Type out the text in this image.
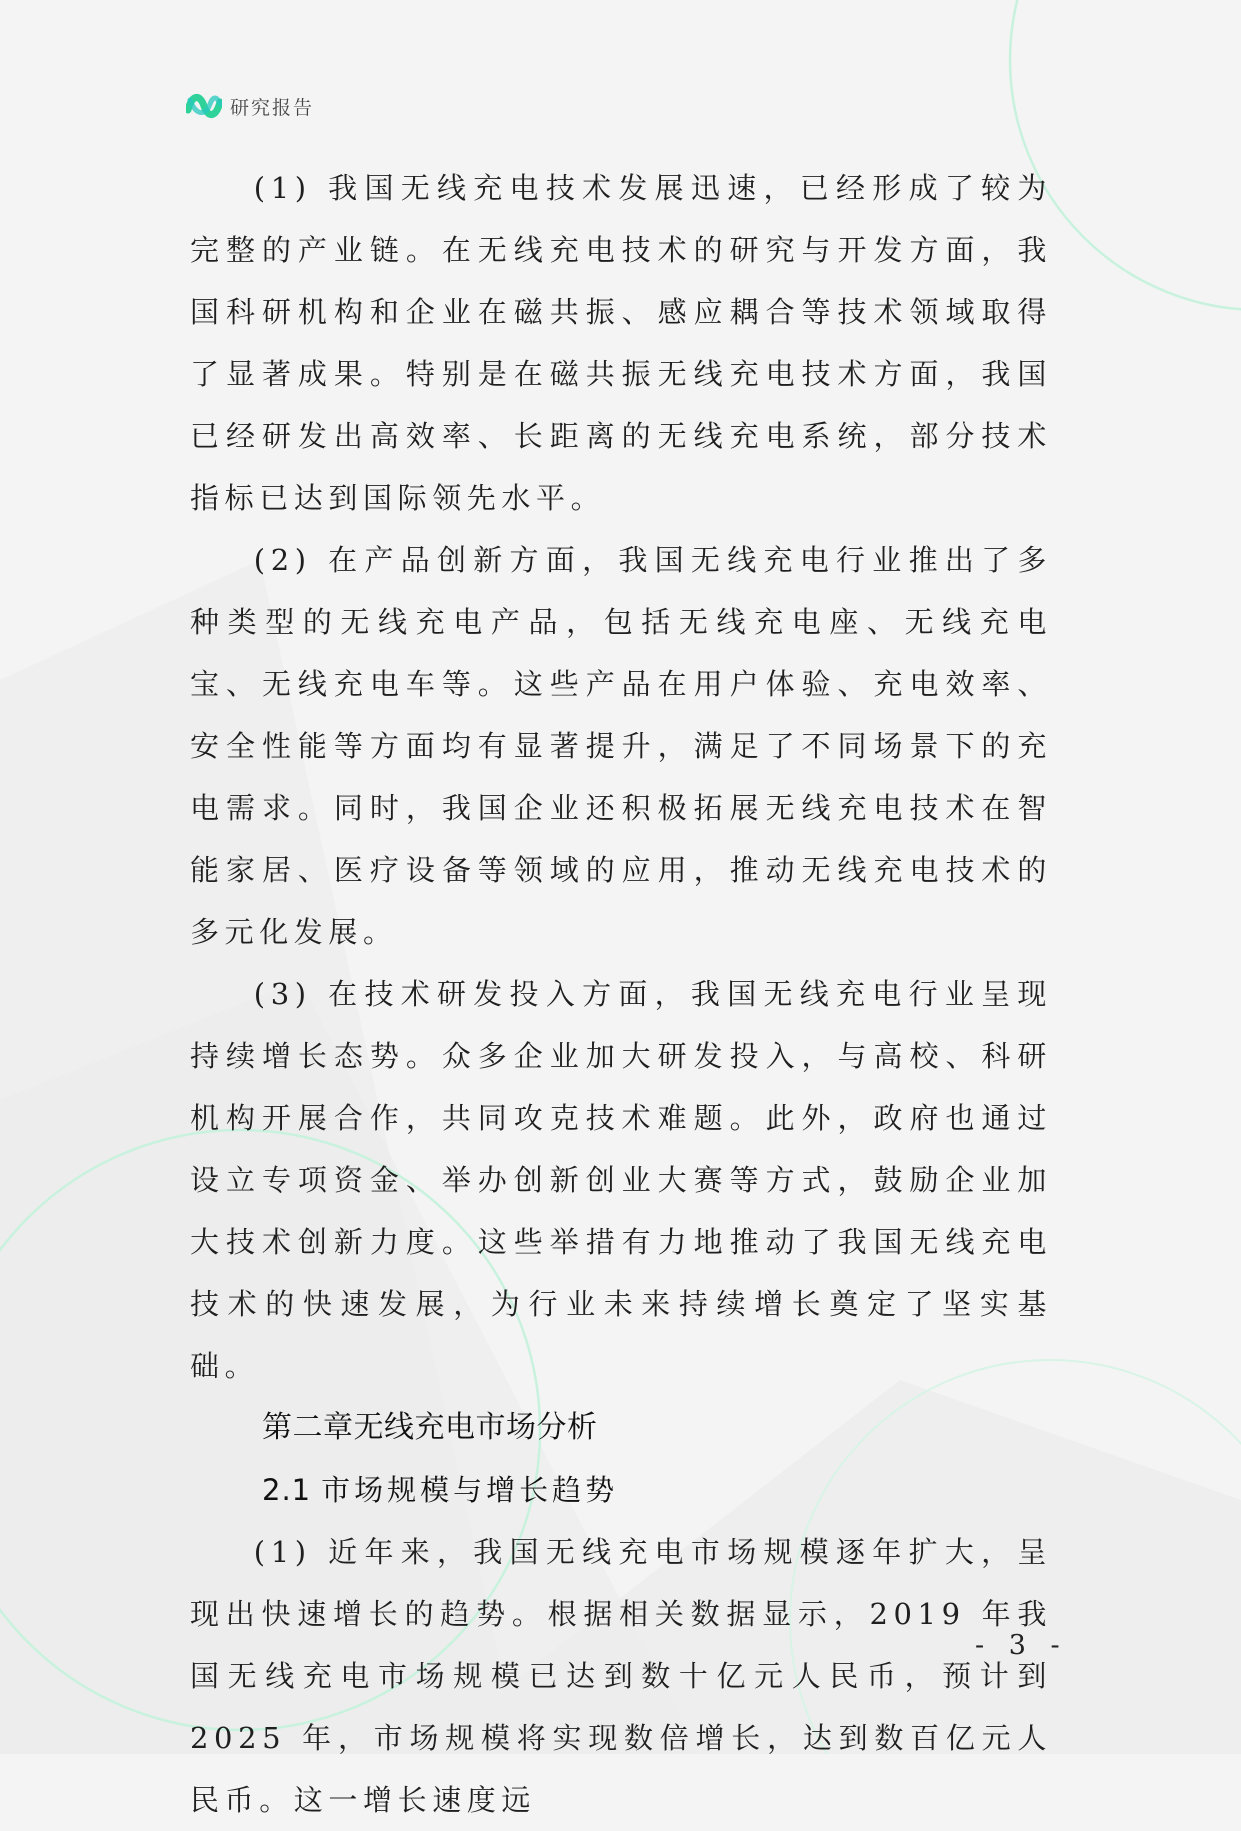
研究报告

(1) 我国无线充电技术发展迅速，已经形成了较为完整的产业链。在无线充电技术的研究与开发方面，我国科研机构和企业在磁共振、感应耦合等技术领域取得了显著成果。特别是在磁共振无线充电技术方面，我国已经研发出高效率、长距离的无线充电系统，部分技术指标已达到国际领先水平。

(2) 在产品创新方面，我国无线充电行业推出了多种类型的无线充电产品，包括无线充电座、无线充电宝、无线充电车等。这些产品在用户体验、充电效率、安全性能等方面均有显著提升，满足了不同场景下的充电需求。同时，我国企业还积极拓展无线充电技术在智能家居、医疗设备等领域的应用，推动无线充电技术的多元化发展。

(3) 在技术研发投入方面，我国无线充电行业呈现持续增长态势。众多企业加大研发投入，与高校、科研机构开展合作，共同攻克技术难题。此外，政府也通过设立专项资金、举办创新创业大赛等方式，鼓励企业加大技术创新力度。这些举措有力地推动了我国无线充电技术的快速发展，为行业未来持续增长奠定了坚实基础。

第二章无线充电市场分析
2.1 市场规模与增长趋势

(1) 近年来，我国无线充电市场规模逐年扩大，呈现出快速增长的趋势。根据相关数据显示，2019 年我国无线充电市场规模已达到数十亿元人民币，预计到 2025 年，市场规模将实现数倍增长，达到数百亿元人民币。这一增长速度远

- 3 -
